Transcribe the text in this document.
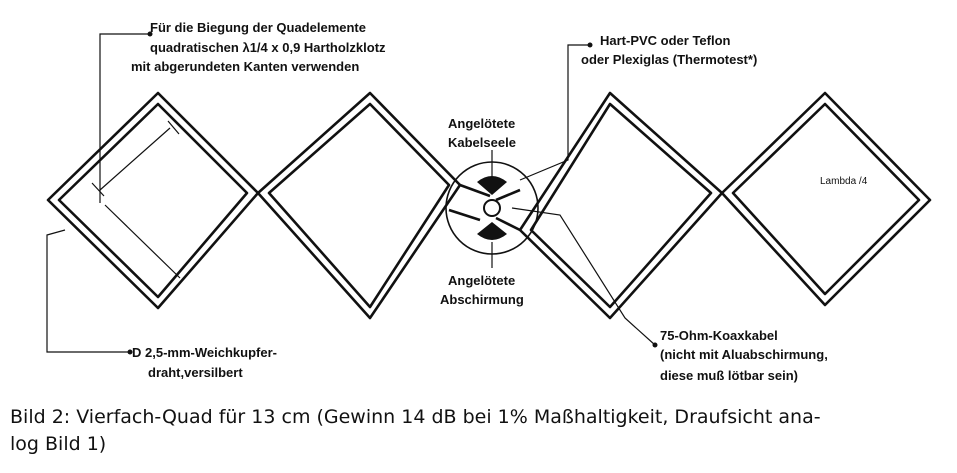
Für die Biegung der Quadelemente
quadratischen λ1/4 x 0,9 Hartholzklotz
mit abgerundeten Kanten verwenden
Hart-PVC oder Teflon
oder Plexiglas (Thermotest*)
Angelötete
Kabelseele
Angelötete
Abschirmung
Lambda /4
D 2,5-mm-Weichkupfer-
draht,versilbert
75-Ohm-Koaxkabel
(nicht mit Aluabschirmung,
diese muß lötbar sein)

Bild 2: Vierfach-Quad für 13 cm (Gewinn 14 dB bei 1% Maßhaltigkeit, Draufsicht ana-
log Bild 1)
